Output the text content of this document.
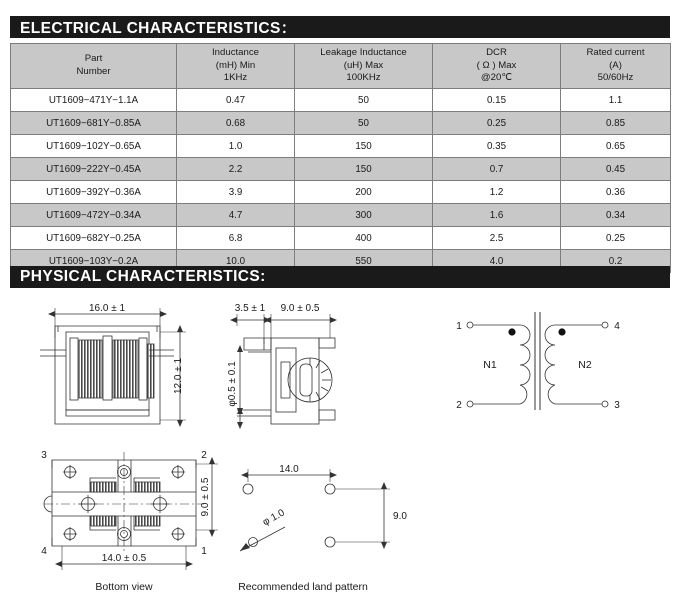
ELECTRICAL CHARACTERISTICS：
Part
Number	Inductance
(mH) Min
1KHz	Leakage Inductance
(uH) Max
100KHz	DCR
( Ω ) Max
@20℃	Rated current
(A)
50/60Hz

UT1609−471Y−1.1A	0.47	50	0.15	1.1
UT1609−681Y−0.85A	0.68	50	0.25	0.85
UT1609−102Y−0.65A	1.0	150	0.35	0.65
UT1609−222Y−0.45A	2.2	150	0.7	0.45
UT1609−392Y−0.36A	3.9	200	1.2	0.36
UT1609−472Y−0.34A	4.7	300	1.6	0.34
UT1609−682Y−0.25A	6.8	400	2.5	0.25
UT1609−103Y−0.2A	10.0	550	4.0	0.2
PHYSICAL CHARACTERISTICS:
16.0 ± 1
12.0 ± 1
3.5 ± 1 9.0 ± 0.5
φ0.5 ± 0.1
1
2
4
3
N1	N2
3	2
4	1
14.0 ± 0.5
9.0 ± 0.5
Bottom view
14.0
9.0
φ 1.0
Recommended land pattern
